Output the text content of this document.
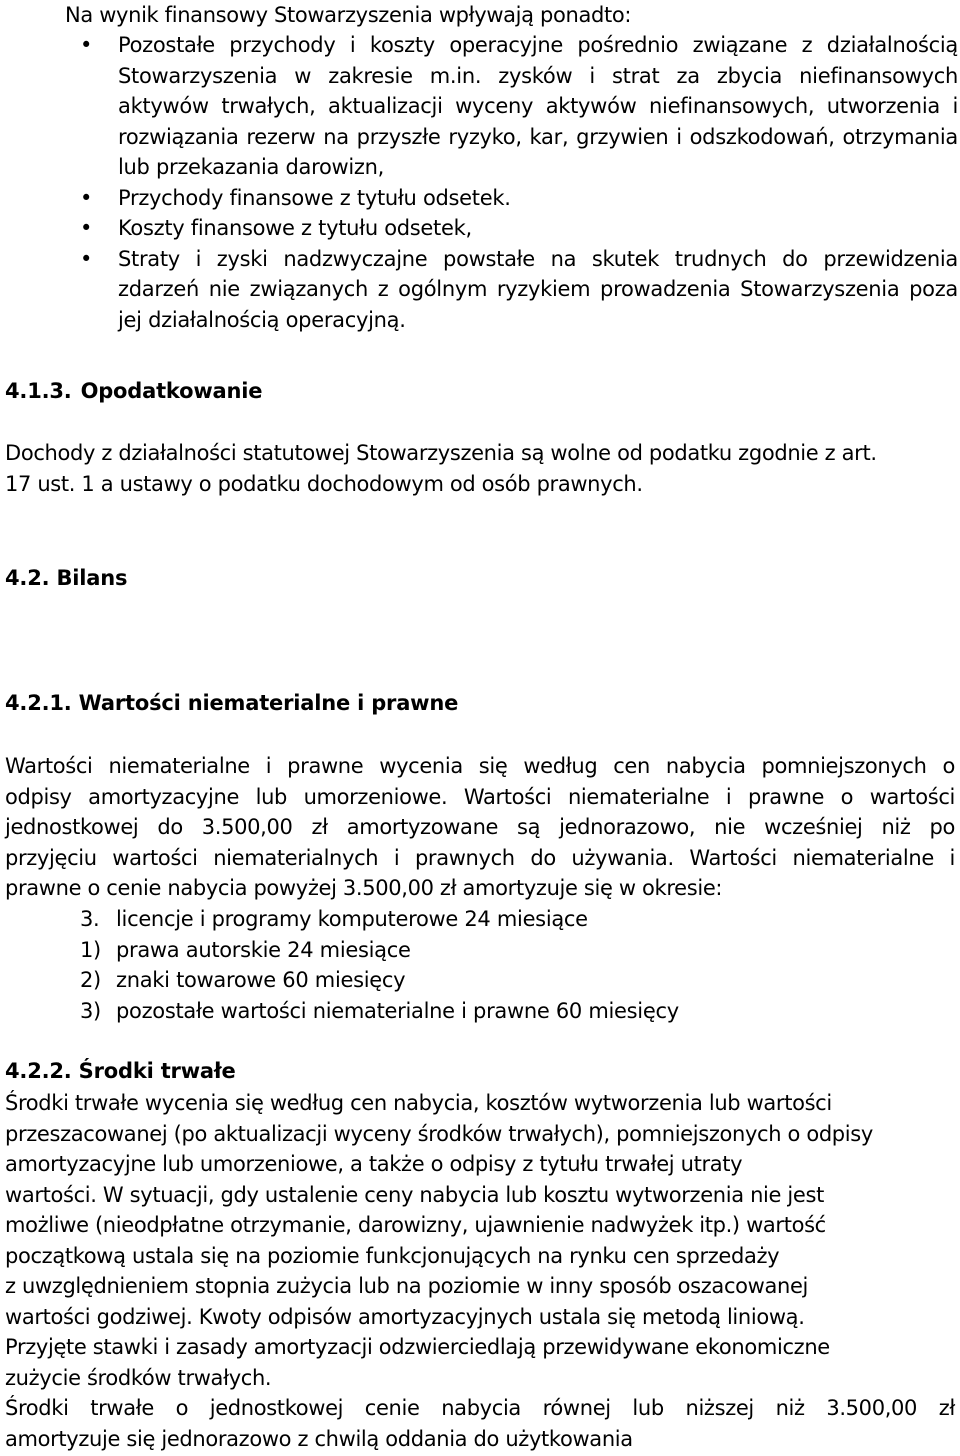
Na wynik finansowy Stowarzyszenia wpływają ponadto:
• Pozostałe przychody i koszty operacyjne pośrednio związane z działalnością Stowarzyszenia w zakresie m.in. zysków i strat za zbycia niefinansowych aktywów trwałych, aktualizacji wyceny aktywów niefinansowych, utworzenia i rozwiązania rezerw na przyszłe ryzyko, kar, grzywien i odszkodowań, otrzymania lub przekazania darowizn,
• Przychody finansowe z tytułu odsetek.
• Koszty finansowe z tytułu odsetek,
• Straty i zyski nadzwyczajne powstałe na skutek trudnych do przewidzenia zdarzeń nie związanych z ogólnym ryzykiem prowadzenia Stowarzyszenia poza jej działalnością operacyjną.
4.1.3. Opodatkowanie
Dochody z działalności statutowej Stowarzyszenia są wolne od podatku zgodnie z art.
17 ust. 1 a ustawy o podatku dochodowym od osób prawnych.
4.2. Bilans
4.2.1. Wartości niematerialne i prawne
Wartości niematerialne i prawne wycenia się według cen nabycia pomniejszonych o
odpisy amortyzacyjne lub umorzeniowe. Wartości niematerialne i prawne o wartości
jednostkowej do 3.500,00 zł amortyzowane są jednorazowo, nie wcześniej niż po
przyjęciu wartości niematerialnych i prawnych do używania. Wartości niematerialne i
prawne o cenie nabycia powyżej 3.500,00 zł amortyzuje się w okresie:
3. licencje i programy komputerowe 24 miesiące
1) prawa autorskie 24 miesiące
2) znaki towarowe 60 miesięcy
3) pozostałe wartości niematerialne i prawne 60 miesięcy
4.2.2. Środki trwałe
Środki trwałe wycenia się według cen nabycia, kosztów wytworzenia lub wartości
przeszacowanej (po aktualizacji wyceny środków trwałych), pomniejszonych o odpisy
amortyzacyjne lub umorzeniowe, a także o odpisy z tytułu trwałej utraty
wartości. W sytuacji, gdy ustalenie ceny nabycia lub kosztu wytworzenia nie jest
możliwe (nieodpłatne otrzymanie, darowizny, ujawnienie nadwyżek itp.) wartość
początkową ustala się na poziomie funkcjonujących na rynku cen sprzedaży
z uwzględnieniem stopnia zużycia lub na poziomie w inny sposób oszacowanej
wartości godziwej. Kwoty odpisów amortyzacyjnych ustala się metodą liniową.
Przyjęte stawki i zasady amortyzacji odzwierciedlają przewidywane ekonomiczne
zużycie środków trwałych.
Środki trwałe o jednostkowej cenie nabycia równej lub niższej niż 3.500,00 zł
amortyzuje się jednorazowo z chwilą oddania do użytkowania
